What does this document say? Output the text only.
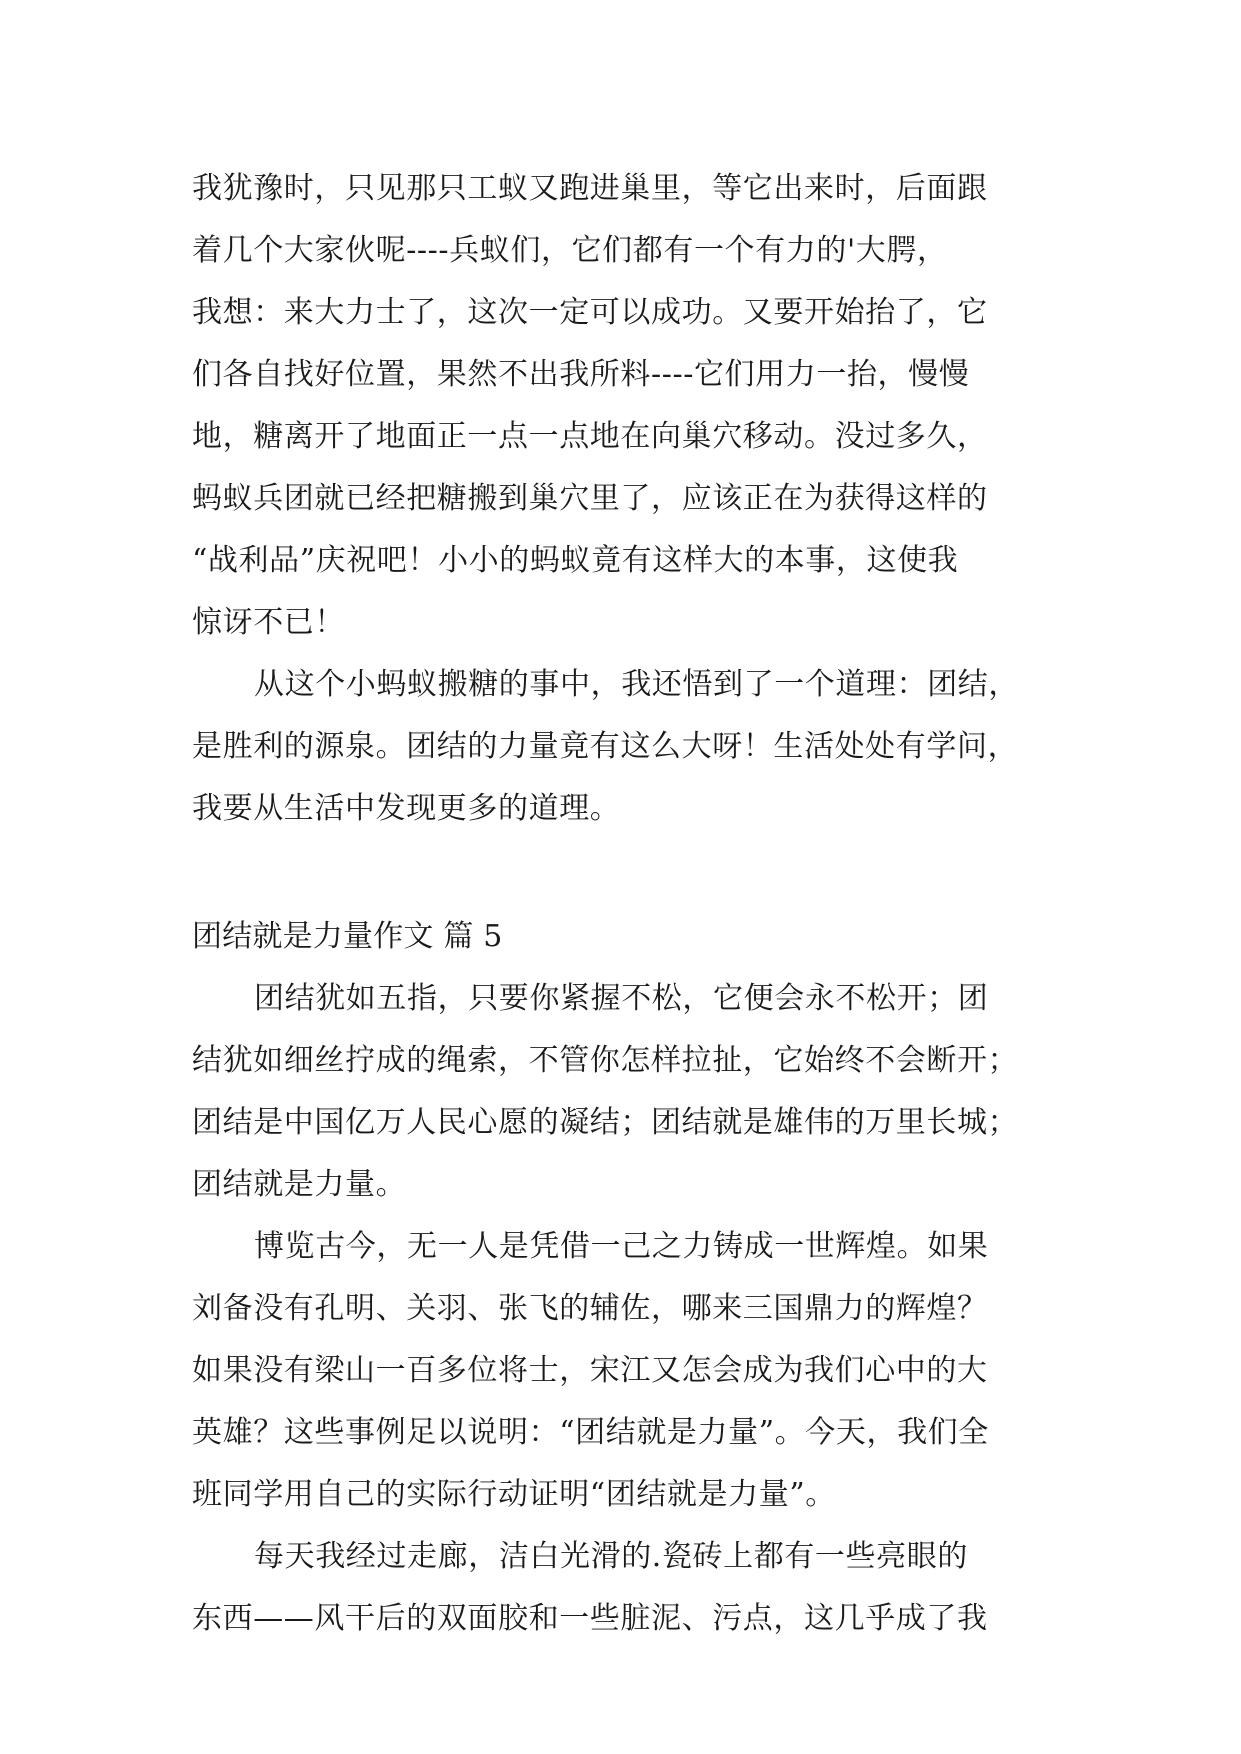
我犹豫时，只见那只工蚁又跑进巢里，等它出来时，后面跟
着几个大家伙呢----兵蚁们，它们都有一个有力的'大腭，
我想：来大力士了，这次一定可以成功。又要开始抬了，它
们各自找好位置，果然不出我所料----它们用力一抬，慢慢
地，糖离开了地面正一点一点地在向巢穴移动。没过多久，
蚂蚁兵团就已经把糖搬到巢穴里了，应该正在为获得这样的
“战利品”庆祝吧！小小的蚂蚁竟有这样大的本事，这使我
惊讶不已！
从这个小蚂蚁搬糖的事中，我还悟到了一个道理：团结，
是胜利的源泉。团结的力量竟有这么大呀！生活处处有学问，
我要从生活中发现更多的道理。
团结就是力量作文 篇 5
团结犹如五指，只要你紧握不松，它便会永不松开；团
结犹如细丝拧成的绳索，不管你怎样拉扯，它始终不会断开；
团结是中国亿万人民心愿的凝结；团结就是雄伟的万里长城；
团结就是力量。
博览古今，无一人是凭借一己之力铸成一世辉煌。如果
刘备没有孔明、关羽、张飞的辅佐，哪来三国鼎力的辉煌？
如果没有梁山一百多位将士，宋江又怎会成为我们心中的大
英雄？这些事例足以说明：“团结就是力量”。今天，我们全
班同学用自己的实际行动证明“团结就是力量”。
每天我经过走廊，洁白光滑的.瓷砖上都有一些亮眼的
东西——风干后的双面胶和一些脏泥、污点，这几乎成了我
